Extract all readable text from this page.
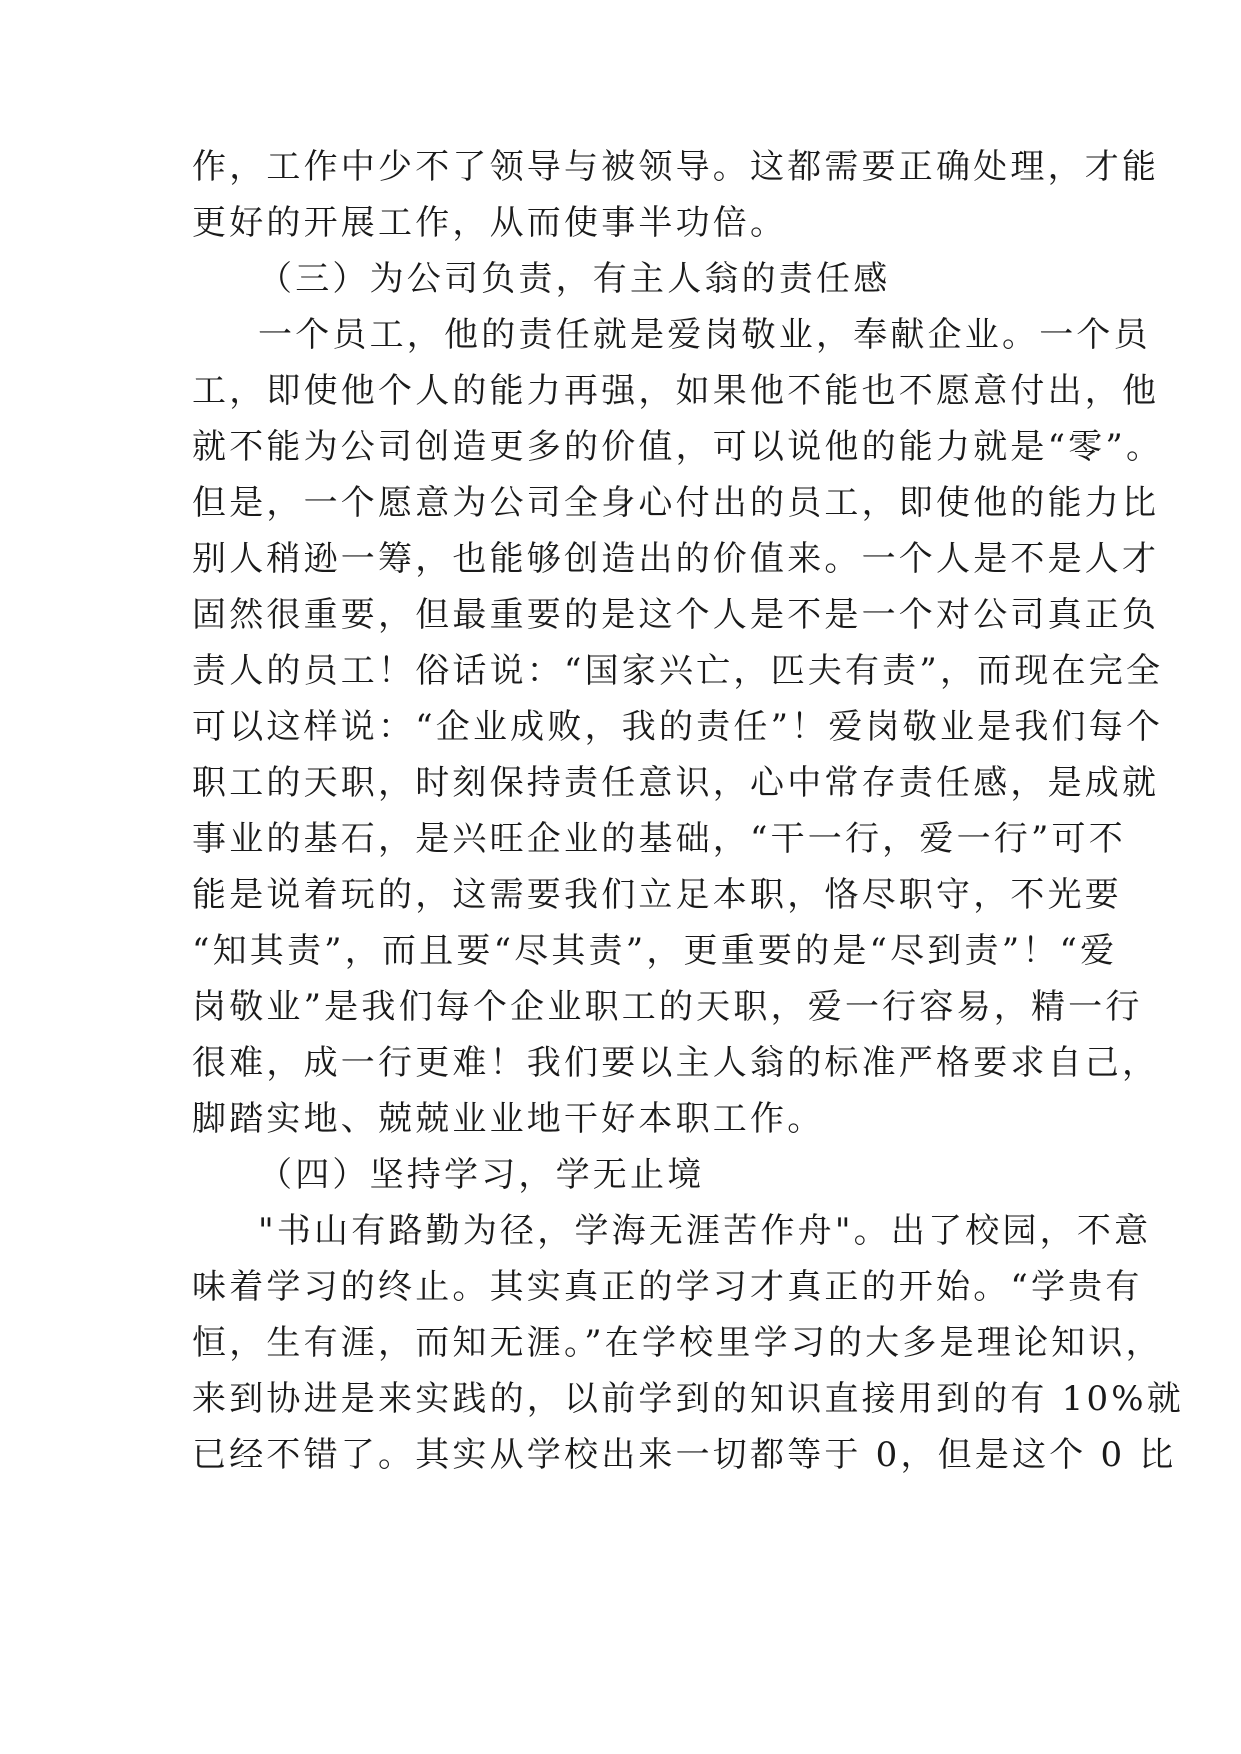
作，工作中少不了领导与被领导。这都需要正确处理，才能
更好的开展工作，从而使事半功倍。
（三）为公司负责，有主人翁的责任感
一个员工，他的责任就是爱岗敬业，奉献企业。一个员
工，即使他个人的能力再强，如果他不能也不愿意付出，他
就不能为公司创造更多的价值，可以说他的能力就是“零”。
但是，一个愿意为公司全身心付出的员工，即使他的能力比
别人稍逊一筹，也能够创造出的价值来。一个人是不是人才
固然很重要，但最重要的是这个人是不是一个对公司真正负
责人的员工！俗话说：“国家兴亡，匹夫有责”，而现在完全
可以这样说：“企业成败，我的责任”！爱岗敬业是我们每个
职工的天职，时刻保持责任意识，心中常存责任感，是成就
事业的基石，是兴旺企业的基础，“干一行，爱一行”可不
能是说着玩的，这需要我们立足本职，恪尽职守，不光要
“知其责”，而且要“尽其责”，更重要的是“尽到责”！“爱
岗敬业”是我们每个企业职工的天职，爱一行容易，精一行
很难，成一行更难！我们要以主人翁的标准严格要求自己，
脚踏实地、兢兢业业地干好本职工作。
（四）坚持学习，学无止境
"书山有路勤为径，学海无涯苦作舟"。出了校园，不意
味着学习的终止。其实真正的学习才真正的开始。“学贵有
恒，生有涯，而知无涯。”在学校里学习的大多是理论知识，
来到协进是来实践的，以前学到的知识直接用到的有 10%就
已经不错了。其实从学校出来一切都等于 0，但是这个 0 比
